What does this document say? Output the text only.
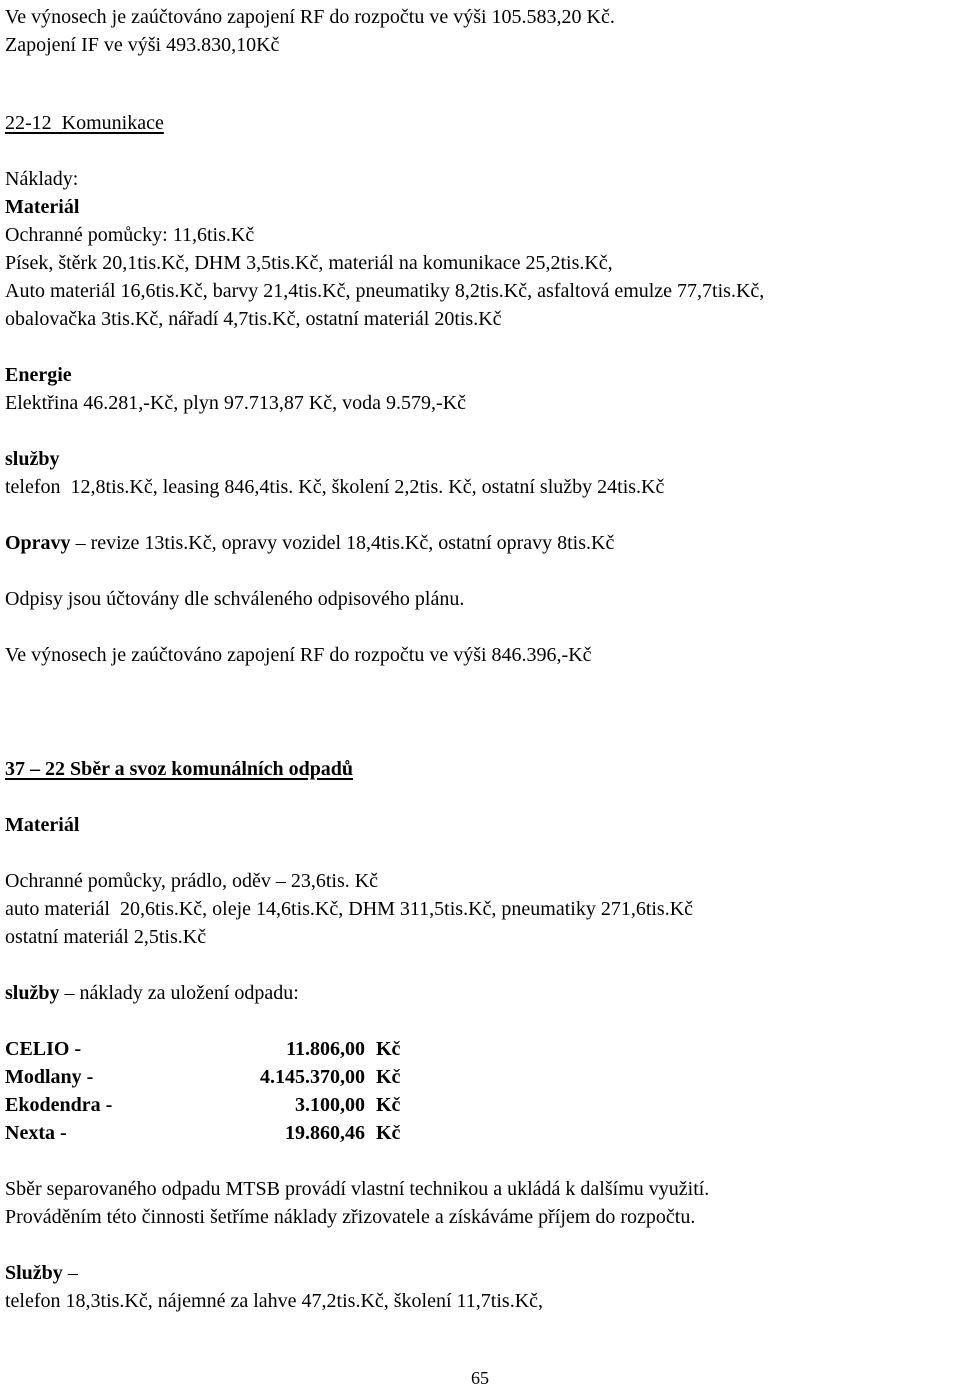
Ve výnosech je zaúčtováno zapojení RF do rozpočtu ve výši 105.583,20 Kč.
Zapojení IF ve výši 493.830,10Kč
22-12  Komunikace
Náklady:
Materiál
Ochranné pomůcky: 11,6tis.Kč
Písek, štěrk 20,1tis.Kč, DHM 3,5tis.Kč, materiál na komunikace 25,2tis.Kč,
Auto materiál 16,6tis.Kč, barvy 21,4tis.Kč, pneumatiky 8,2tis.Kč, asfaltová emulze 77,7tis.Kč,
obalovačka 3tis.Kč, nářadí 4,7tis.Kč, ostatní materiál 20tis.Kč
Energie
Elektřina 46.281,-Kč, plyn 97.713,87 Kč, voda 9.579,-Kč
služby
telefon  12,8tis.Kč, leasing 846,4tis. Kč, školení 2,2tis. Kč, ostatní služby 24tis.Kč
Opravy – revize 13tis.Kč, opravy vozidel 18,4tis.Kč, ostatní opravy 8tis.Kč
Odpisy jsou účtovány dle schváleného odpisového plánu.
Ve výnosech je zaúčtováno zapojení RF do rozpočtu ve výši 846.396,-Kč
37 – 22 Sběr a svoz komunálních odpadů
Materiál
Ochranné pomůcky, prádlo, oděv – 23,6tis. Kč
auto materiál  20,6tis.Kč, oleje 14,6tis.Kč, DHM 311,5tis.Kč, pneumatiky 271,6tis.Kč
ostatní materiál 2,5tis.Kč
služby – náklady za uložení odpadu:
CELIO -	11.806,00 Kč
Modlany -	4.145.370,00 Kč
Ekodendra -	3.100,00 Kč
Nexta -	19.860,46 Kč
Sběr separovaného odpadu MTSB provádí vlastní technikou a ukládá k dalšímu využití.
Prováděním této činnosti šetříme náklady zřizovatele a získáváme příjem do rozpočtu.
Služby –
telefon 18,3tis.Kč, nájemné za lahve 47,2tis.Kč, školení 11,7tis.Kč,
65
